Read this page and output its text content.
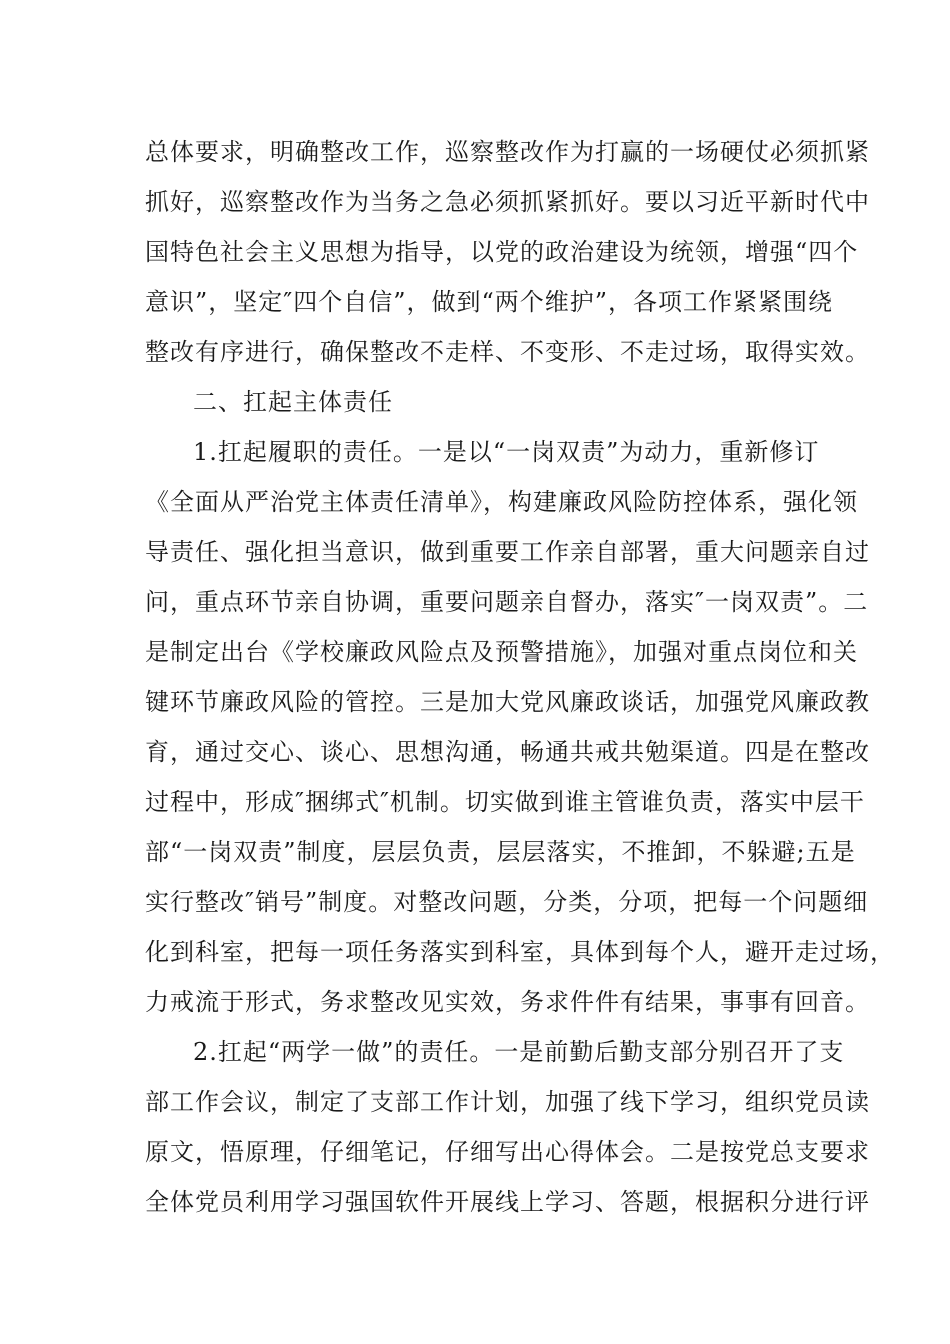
总体要求，明确整改工作，巡察整改作为打赢的一场硬仗必须抓紧
抓好，巡察整改作为当务之急必须抓紧抓好。要以习近平新时代中
国特色社会主义思想为指导，以党的政治建设为统领，增强“四个
意识”，坚定″四个自信”，做到“两个维护”，各项工作紧紧围绕
整改有序进行，确保整改不走样、不变形、不走过场，取得实效。
二、扛起主体责任
1.扛起履职的责任。一是以“一岗双责”为动力，重新修订
《全面从严治党主体责任清单》，构建廉政风险防控体系，强化领
导责任、强化担当意识，做到重要工作亲自部署，重大问题亲自过
问，重点环节亲自协调，重要问题亲自督办，落实″一岗双责”。二
是制定出台《学校廉政风险点及预警措施》，加强对重点岗位和关
键环节廉政风险的管控。三是加大党风廉政谈话，加强党风廉政教
育，通过交心、谈心、思想沟通，畅通共戒共勉渠道。四是在整改
过程中，形成″捆绑式″机制。切实做到谁主管谁负责，落实中层干
部“一岗双责”制度，层层负责，层层落实，不推卸，不躲避;五是
实行整改″销号”制度。对整改问题，分类，分项，把每一个问题细
化到科室，把每一项任务落实到科室，具体到每个人，避开走过场，
力戒流于形式，务求整改见实效，务求件件有结果，事事有回音。
2.扛起“两学一做”的责任。一是前勤后勤支部分别召开了支
部工作会议，制定了支部工作计划，加强了线下学习，组织党员读
原文，悟原理，仔细笔记，仔细写出心得体会。二是按党总支要求
全体党员利用学习强国软件开展线上学习、答题，根据积分进行评
